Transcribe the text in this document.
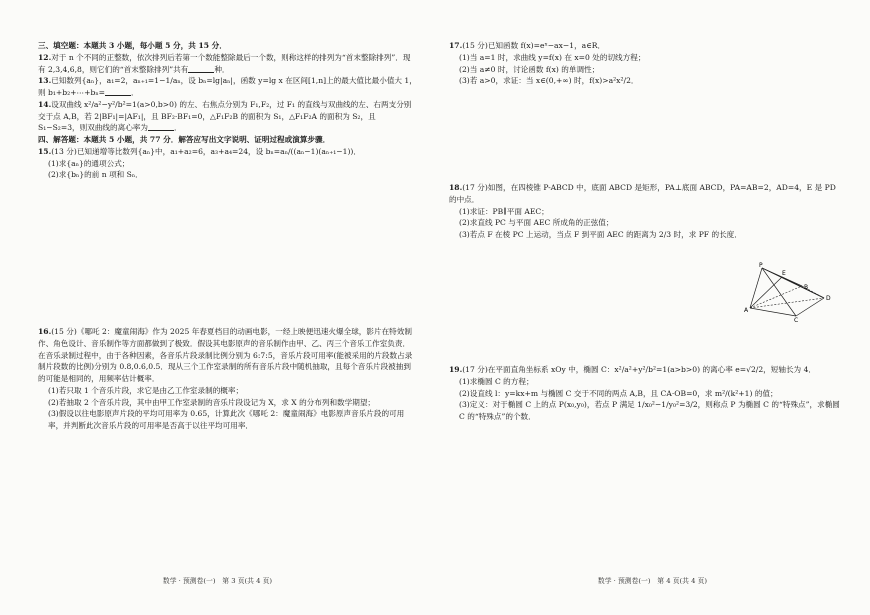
三、填空题：本题共 3 小题，每小题 5 分，共 15 分．

12.对于 n 个不同的正整数，依次排列后若第一个数能整除最后一个数，则称这样的排列为“首末整除排列”．现有 2,3,4,6,8，则它们的“首末整除排列”共有	种．

13.已知数列{aₙ}，a₁=2，aₙ₊₁=1−1/aₙ，设 bₙ=lg|aₙ|，函数 y=lg x 在区间[1,n]上的最大值比最小值大 1，则 b₁+b₂+⋯+bₙ=	．

14.设双曲线 x²/a²−y²/b²=1(a>0,b>0) 的左、右焦点分别为 F₁,F₂，过 F₁ 的直线与双曲线的左、右两支分别交于点 A,B，若 2|BF₁|=|AF₁|，且 BF₂·BF₁=0，△F₁F₂B 的面积为 S₁，△F₁F₂A 的面积为 S₂，且 S₁−S₂=3，则双曲线的离心率为	．

四、解答题：本题共 5 小题，共 77 分．解答应写出文字说明、证明过程或演算步骤．

15.(13 分)已知递增等比数列{aₙ}中，a₁+a₂=6，a₃+a₄=24，设 bₙ=aₙ/((aₙ−1)(aₙ₊₁−1))．

(1)求{aₙ}的通项公式；
(2)求{bₙ}的前 n 项和 Sₙ．

16.(15 分)《哪吒 2：魔童闹海》作为 2025 年春夏档目的动画电影，一经上映便迅速火爆全球，影片在特效制作、角色设计、音乐制作等方面都做到了极致．假设其电影原声的音乐制作由甲、乙、丙三个音乐工作室负责．在音乐录制过程中，由于各种因素，各音乐片段录制比例分别为 6:7:5，音乐片段可用率(能被采用的片段数占录制片段数的比例)分别为 0.8,0.6,0.5．现从三个工作室录制的所有音乐片段中随机抽取，且每个音乐片段被抽到的可能是相同的，用频率估计概率．

(1)若只取 1 个音乐片段，求它是由乙工作室录制的概率；
(2)若抽取 2 个音乐片段，其中由甲工作室录制的音乐片段设记为 X，求 X 的分布列和数学期望；
(3)假设以往电影原声片段的平均可用率为 0.65，计算此次《哪吒 2：魔童闹海》电影原声音乐片段的可用率，并判断此次音乐片段的可用率是否高于以往平均可用率．
数学 · 预测卷(一)　第 3 页(共 4 页)

17.(15 分)已知函数 f(x)=eˣ−ax−1，a∈R．

(1)当 a=1 时，求曲线 y=f(x) 在 x=0 处的切线方程；
(2)当 a≠0 时，讨论函数 f(x) 的单调性；
(3)若 a>0，求证：当 x∈(0,+∞) 时，f(x)>a²x²/2．

18.(17 分)如图，在四棱锥 P-ABCD 中，底面 ABCD 是矩形，PA⊥底面 ABCD，PA=AB=2，AD=4，E 是 PD 的中点．

(1)求证：PB∥平面 AEC；
(2)求直线 PC 与平面 AEC 所成角的正弦值；
(3)若点 F 在棱 PC 上运动，当点 F 到平面 AEC 的距离为 2/3 时，求 PF 的长度．
P
E
D
A
B
C

19.(17 分)在平面直角坐标系 xOy 中，椭圆 C：x²/a²+y²/b²=1(a>b>0) 的离心率 e=√2/2，短轴长为 4．

(1)求椭圆 C 的方程；
(2)设直线 l：y=kx+m 与椭圆 C 交于不同的两点 A,B，且 CA·OB=0，求 m²/(k²+1) 的值；
(3)定义：对于椭圆 C 上的点 P(x₀,y₀)，若点 P 满足 1/x₀²−1/y₀²=3/2，则称点 P 为椭圆 C 的“特殊点”，求椭圆 C 的“特殊点”的个数．
数学 · 预测卷(一)　第 4 页(共 4 页)
